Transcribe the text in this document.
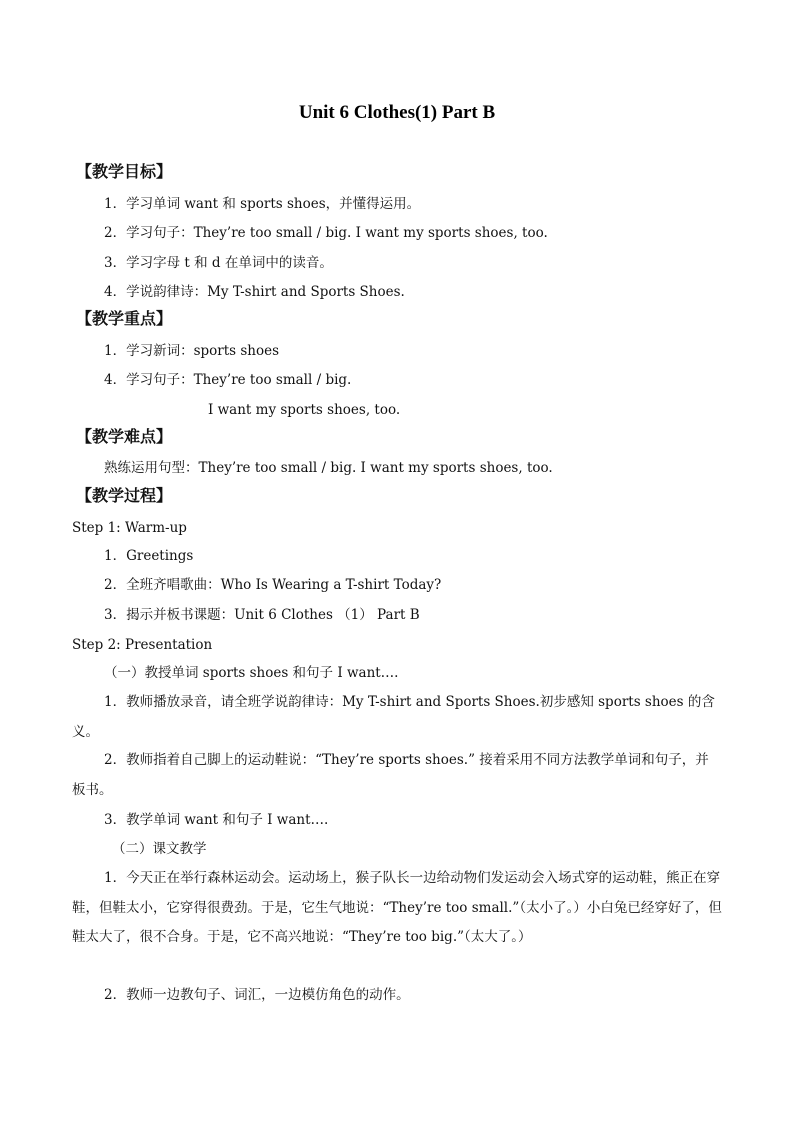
Unit 6 Clothes(1) Part B
【教学目标】
1．学习单词 want 和 sports shoes，并懂得运用。
2．学习句子：They’re too small / big. I want my sports shoes, too.
3．学习字母 t 和 d 在单词中的读音。
4．学说韵律诗：My T-shirt and Sports Shoes.
【教学重点】
1．学习新词：sports shoes
4．学习句子：They’re too small / big.
I want my sports shoes, too.
【教学难点】
熟练运用句型：They’re too small / big. I want my sports shoes, too.
【教学过程】
Step 1: Warm-up
1．Greetings
2．全班齐唱歌曲：Who Is Wearing a T-shirt Today?
3．揭示并板书课题：Unit 6 Clothes （1） Part B
Step 2: Presentation
（一）教授单词 sports shoes 和句子 I want….
1．教师播放录音，请全班学说韵律诗：My T-shirt and Sports Shoes.初步感知 sports shoes 的含义。
2．教师指着自己脚上的运动鞋说：“They’re sports shoes.” 接着采用不同方法教学单词和句子，并板书。
3．教学单词 want 和句子 I want….
（二）课文教学
1．今天正在举行森林运动会。运动场上，猴子队长一边给动物们发运动会入场式穿的运动鞋，熊正在穿鞋，但鞋太小，它穿得很费劲。于是，它生气地说：“They’re too small.”（太小了。）小白兔已经穿好了，但鞋太大了，很不合身。于是，它不高兴地说：“They’re too big.”（太大了。）
2．教师一边教句子、词汇，一边模仿角色的动作。
